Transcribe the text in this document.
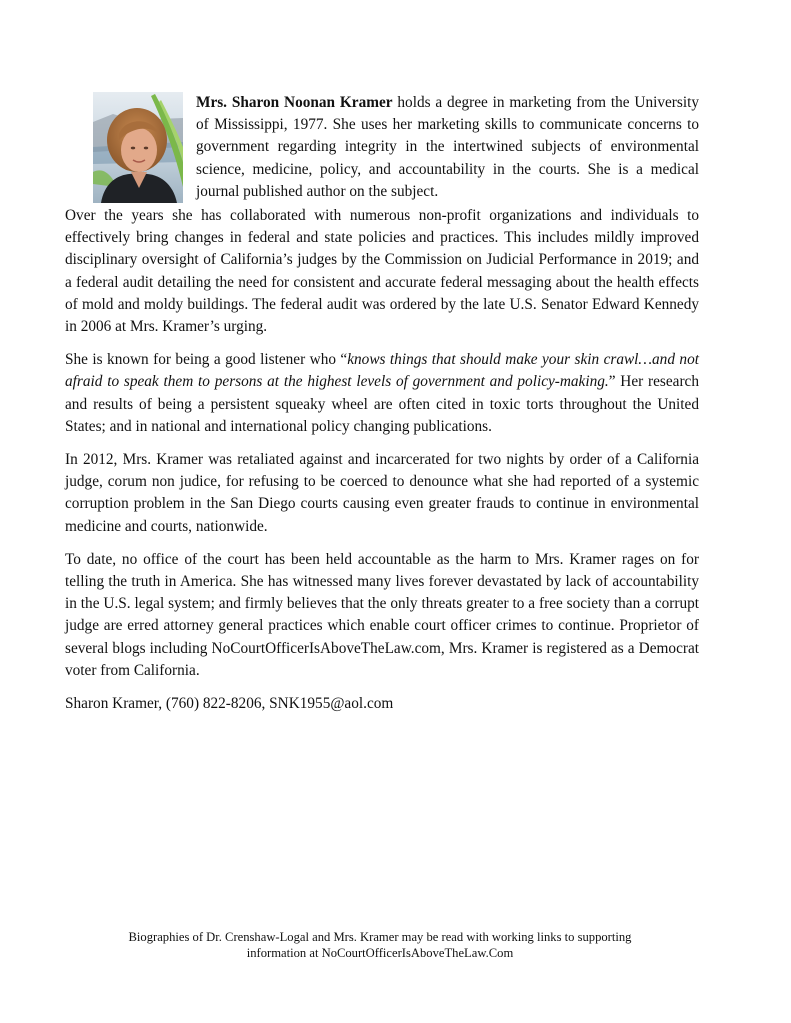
Mrs. Sharon Noonan Kramer holds a degree in marketing from the University of Mississippi, 1977. She uses her marketing skills to communicate concerns to government regarding integrity in the intertwined subjects of environmental science, medicine, policy, and accountability in the courts. She is a medical journal published author on the subject.

Over the years she has collaborated with numerous non-profit organizations and individuals to effectively bring changes in federal and state policies and practices. This includes mildly improved disciplinary oversight of California’s judges by the Commission on Judicial Performance in 2019; and a federal audit detailing the need for consistent and accurate federal messaging about the health effects of mold and moldy buildings. The federal audit was ordered by the late U.S. Senator Edward Kennedy in 2006 at Mrs. Kramer’s urging.

She is known for being a good listener who “knows things that should make your skin crawl…and not afraid to speak them to persons at the highest levels of government and policy-making.” Her research and results of being a persistent squeaky wheel are often cited in toxic torts throughout the United States; and in national and international policy changing publications.

In 2012, Mrs. Kramer was retaliated against and incarcerated for two nights by order of a California judge, corum non judice, for refusing to be coerced to denounce what she had reported of a systemic corruption problem in the San Diego courts causing even greater frauds to continue in environmental medicine and courts, nationwide.

To date, no office of the court has been held accountable as the harm to Mrs. Kramer rages on for telling the truth in America. She has witnessed many lives forever devastated by lack of accountability in the U.S. legal system; and firmly believes that the only threats greater to a free society than a corrupt judge are erred attorney general practices which enable court officer crimes to continue. Proprietor of several blogs including NoCourtOfficerIsAboveTheLaw.com, Mrs. Kramer is registered as a Democrat voter from California.

Sharon Kramer, (760) 822-8206, SNK1955@aol.com

Biographies of Dr. Crenshaw-Logal and Mrs. Kramer may be read with working links to supporting
information at NoCourtOfficerIsAboveTheLaw.Com
